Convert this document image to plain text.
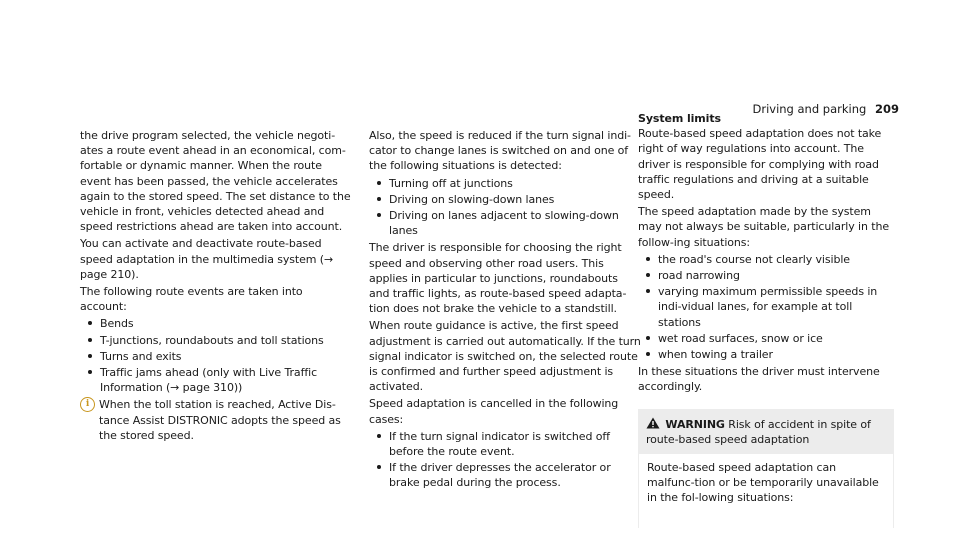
Driving and parking 209

the drive program selected, the vehicle negoti-ates a route event ahead in an economical, com-fortable or dynamic manner. When the route event has been passed, the vehicle accelerates again to the stored speed. The set distance to the vehicle in front, vehicles detected ahead and speed restrictions ahead are taken into account.

You can activate and deactivate route-based speed adaptation in the multimedia system (→ page 210).

The following route events are taken into account:

Bends
T-junctions, roundabouts and toll stations
Turns and exits
Traffic jams ahead (only with Live Traffic Information (→ page 310))
i When the toll station is reached, Active Dis-tance Assist DISTRONIC adopts the speed as the stored speed.

Also, the speed is reduced if the turn signal indi-cator to change lanes is switched on and one of the following situations is detected:

Turning off at junctions
Driving on slowing-down lanes
Driving on lanes adjacent to slowing-down lanes

The driver is responsible for choosing the right speed and observing other road users. This applies in particular to junctions, roundabouts and traffic lights, as route-based speed adapta-tion does not brake the vehicle to a standstill.

When route guidance is active, the first speed adjustment is carried out automatically. If the turn signal indicator is switched on, the selected route is confirmed and further speed adjustment is activated.

Speed adaptation is cancelled in the following cases:

If the turn signal indicator is switched off before the route event.
If the driver depresses the accelerator or brake pedal during the process.

System limits

Route-based speed adaptation does not take right of way regulations into account. The driver is responsible for complying with road traffic regulations and driving at a suitable speed.

The speed adaptation made by the system may not always be suitable, particularly in the follow-ing situations:

the road's course not clearly visible
road narrowing
varying maximum permissible speeds in indi-vidual lanes, for example at toll stations
wet road surfaces, snow or ice
when towing a trailer

In these situations the driver must intervene accordingly.

WARNING Risk of accident in spite of route-based speed adaptation
Route-based speed adaptation can malfunc-tion or be temporarily unavailable in the fol-lowing situations:
